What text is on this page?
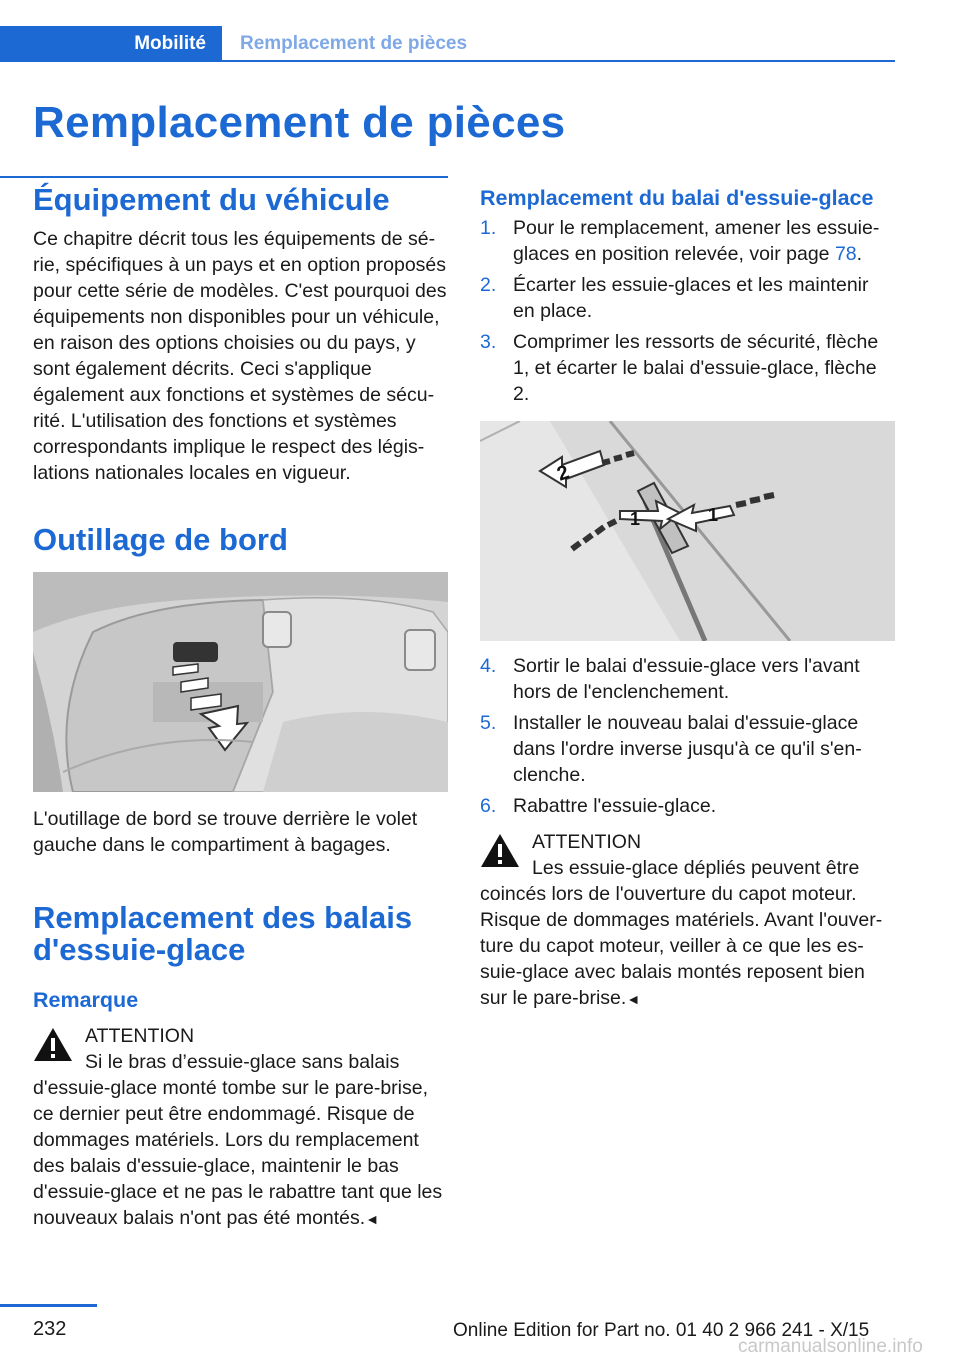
Mobilité	Remplacement de pièces
Remplacement de pièces
Équipement du véhicule

Ce chapitre décrit tous les équipements de série, spécifiques à un pays et en option proposés pour cette série de modèles. C'est pourquoi des équipements non disponibles pour un véhicule, en raison des options choisies ou du pays, y sont également décrits. Ceci s'applique également aux fonctions et systèmes de sécurité. L'utilisation des fonctions et systèmes correspondants implique le respect des législations nationales locales en vigueur.

Outillage de bord

L'outillage de bord se trouve derrière le volet gauche dans le compartiment à bagages.

Remplacement des balais d'essuie-glace
Remarque
ATTENTION
Si le bras d’essuie-glace sans balais d'essuie-glace monté tombe sur le pare-brise, ce dernier peut être endommagé. Risque de dommages matériels. Lors du remplacement des balais d'essuie-glace, maintenir le bas d'essuie-glace et ne pas le rabattre tant que les nouveaux balais n'ont pas été montés.◄
Remplacement du balai d'essuie-glace
1. Pour le remplacement, amener les essuie-glaces en position relevée, voir page 78.
2. Écarter les essuie-glaces et les maintenir en place.
3. Comprimer les ressorts de sécurité, flèche 1, et écarter le balai d'essuie-glace, flèche 2.
2
1	1
4. Sortir le balai d'essuie-glace vers l'avant hors de l'enclenchement.
5. Installer le nouveau balai d'essuie-glace dans l'ordre inverse jusqu'à ce qu'il s'enclenche.
6. Rabattre l'essuie-glace.
ATTENTION
Les essuie-glace dépliés peuvent être coincés lors de l'ouverture du capot moteur. Risque de dommages matériels. Avant l'ouverture du capot moteur, veiller à ce que les essuie-glace avec balais montés reposent bien sur le pare-brise.◄
232	Online Edition for Part no. 01 40 2 966 241 - X/15
carmanualsonline.info
